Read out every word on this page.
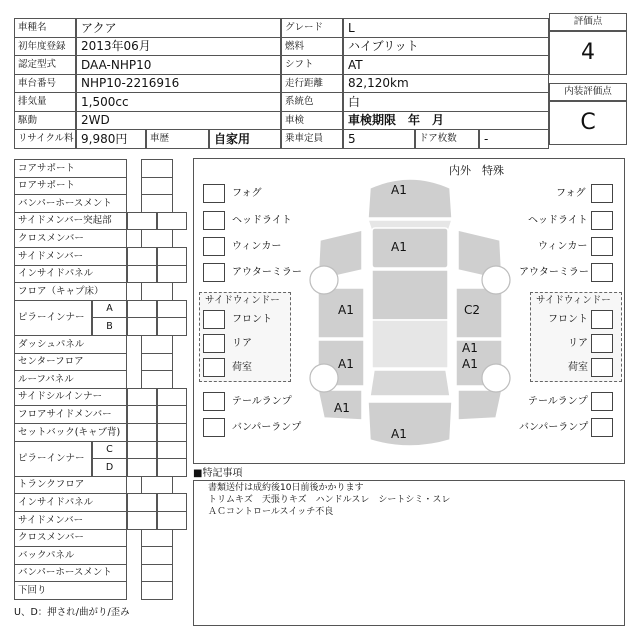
車種名	アクア	グレード	L
初年度登録	2013年06月	燃料	ハイブリット
認定型式	DAA-NHP10	シフト	AT
車台番号	NHP10-2216916	走行距離	82,120km
排気量	1,500cc	系統色	白
駆動	2WD	車検	車検期限　年　月
リサイクル料 9,980円	車歴	自家用	乗車定員	5	ドア枚数	-
評価点
4
内装評価点
C
コアサポート
ロアサポート
バンパーホースメント
サイドメンバー突起部
クロスメンバー
サイドメンバー
インサイドパネル
フロア（キャプ床）
ピラーインナー
A
B
ダッシュパネル
センターフロア
ルーフパネル
サイドシルインナー
フロアサイドメンバー
セットバック(キャブ背)
ピラーインナー
C
D
トランクフロア
インサイドパネル
サイドメンバー
クロスメンバー
バックパネル
バンパーホースメント
下回り
U、D：押され/曲がり/歪み
内外　特殊
A1
A1
A1
A1
A1
C2
A1
A1
A1
フォグ
ヘッドライト
ウィンカー
アウターミラー
フォグ
ヘッドライト
ウィンカー
アウターミラー
サイドウィンドー
フロント
リア
荷室
サイドウィンドー
フロント
リア
荷室
テールランプ
バンパーランプ
テールランプ
バンパーランプ
■特記事項
書類送付は成約後10日前後かかります
トリムキズ　天張りキズ　ハンドルスレ　シートシミ・スレ
ＡＣコントロールスイッチ不良
